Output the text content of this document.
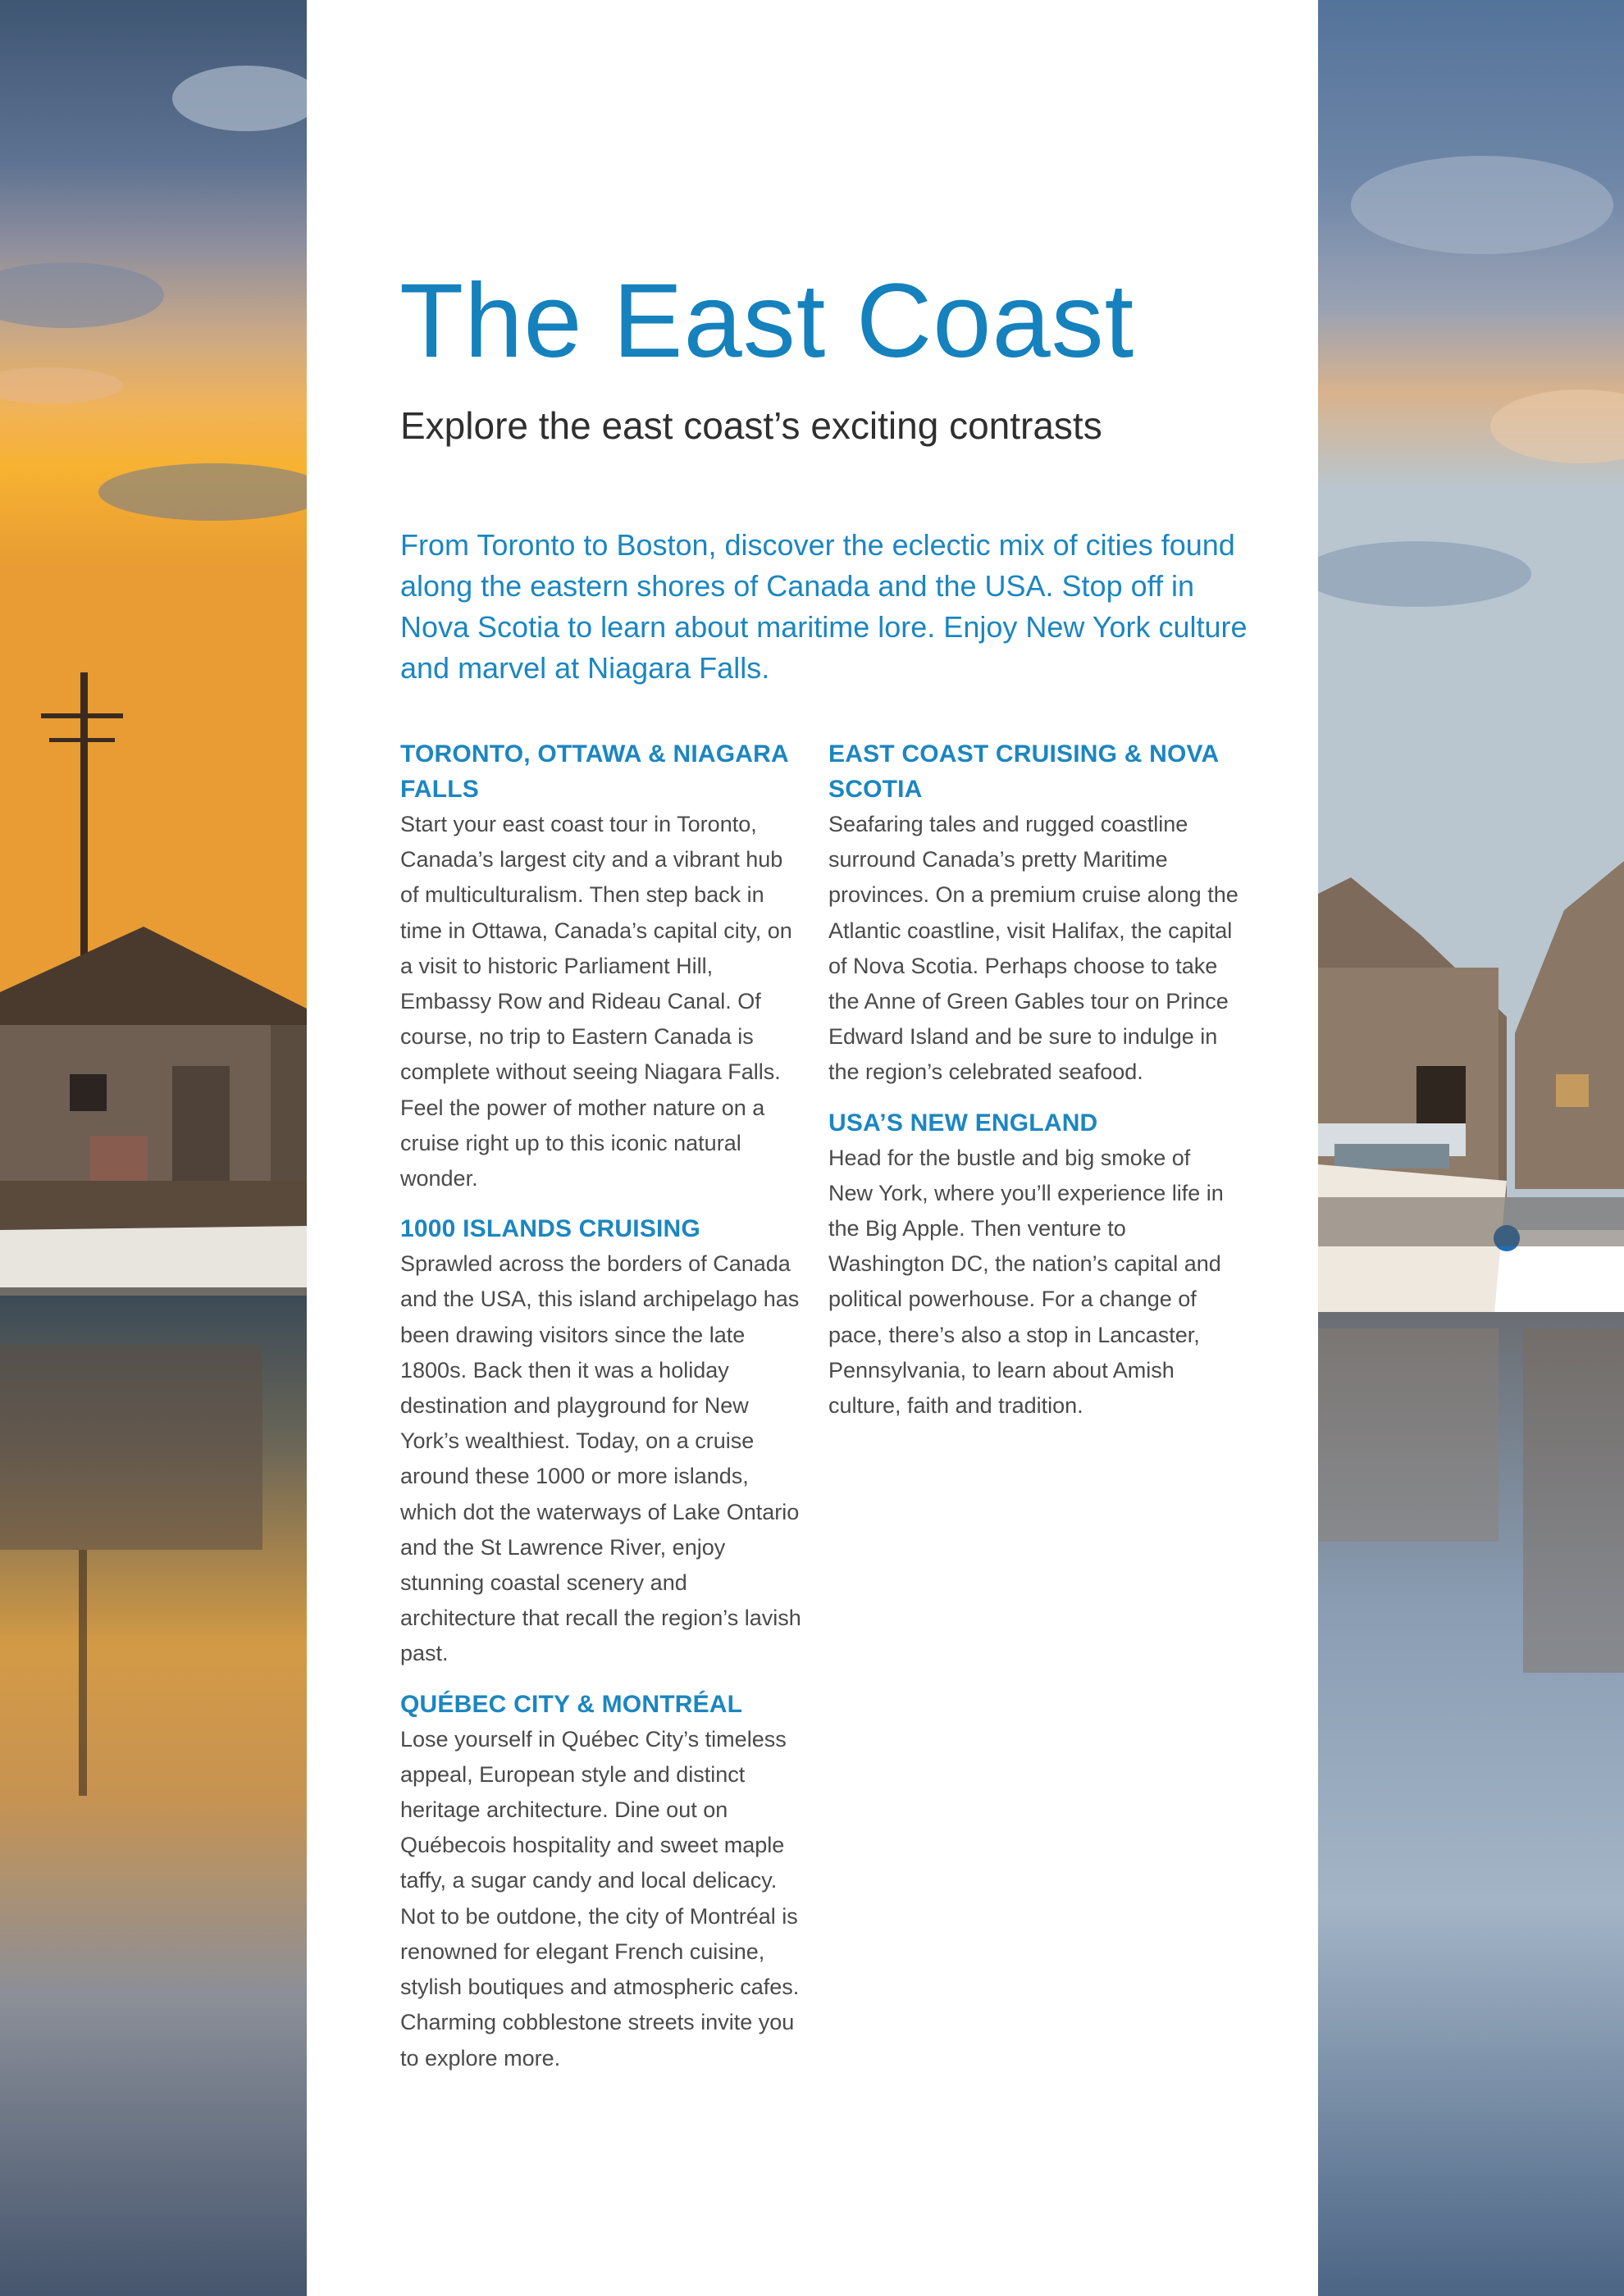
The East Coast
Explore the east coast’s exciting contrasts

From Toronto to Boston, discover the eclectic mix of cities found along the eastern shores of Canada and the USA. Stop off in Nova Scotia to learn about maritime lore. Enjoy New York culture and marvel at Niagara Falls.

TORONTO, OTTAWA & NIAGARA FALLS

Start your east coast tour in Toronto, Canada’s largest city and a vibrant hub of multiculturalism. Then step back in time in Ottawa, Canada’s capital city, on a visit to historic Parliament Hill, Embassy Row and Rideau Canal. Of course, no trip to Eastern Canada is complete without seeing Niagara Falls. Feel the power of mother nature on a cruise right up to this iconic natural wonder.

1000 ISLANDS CRUISING

Sprawled across the borders of Canada and the USA, this island archipelago has been drawing visitors since the late 1800s. Back then it was a holiday destination and playground for New York’s wealthiest. Today, on a cruise around these 1000 or more islands, which dot the waterways of Lake Ontario and the St Lawrence River, enjoy stunning coastal scenery and architecture that recall the region’s lavish past.

QUÉBEC CITY & MONTRÉAL

Lose yourself in Québec City’s timeless appeal, European style and distinct heritage architecture. Dine out on Québecois hospitality and sweet maple taffy, a sugar candy and local delicacy. Not to be outdone, the city of Montréal is renowned for elegant French cuisine, stylish boutiques and atmospheric cafes. Charming cobblestone streets invite you to explore more.

EAST COAST CRUISING & NOVA SCOTIA

Seafaring tales and rugged coastline surround Canada’s pretty Maritime provinces. On a premium cruise along the Atlantic coastline, visit Halifax, the capital of Nova Scotia. Perhaps choose to take the Anne of Green Gables tour on Prince Edward Island and be sure to indulge in the region’s celebrated seafood.

USA’S NEW ENGLAND

Head for the bustle and big smoke of New York, where you’ll experience life in the Big Apple. Then venture to Washington DC, the nation’s capital and political powerhouse. For a change of pace, there’s also a stop in Lancaster, Pennsylvania, to learn about Amish culture, faith and tradition.
